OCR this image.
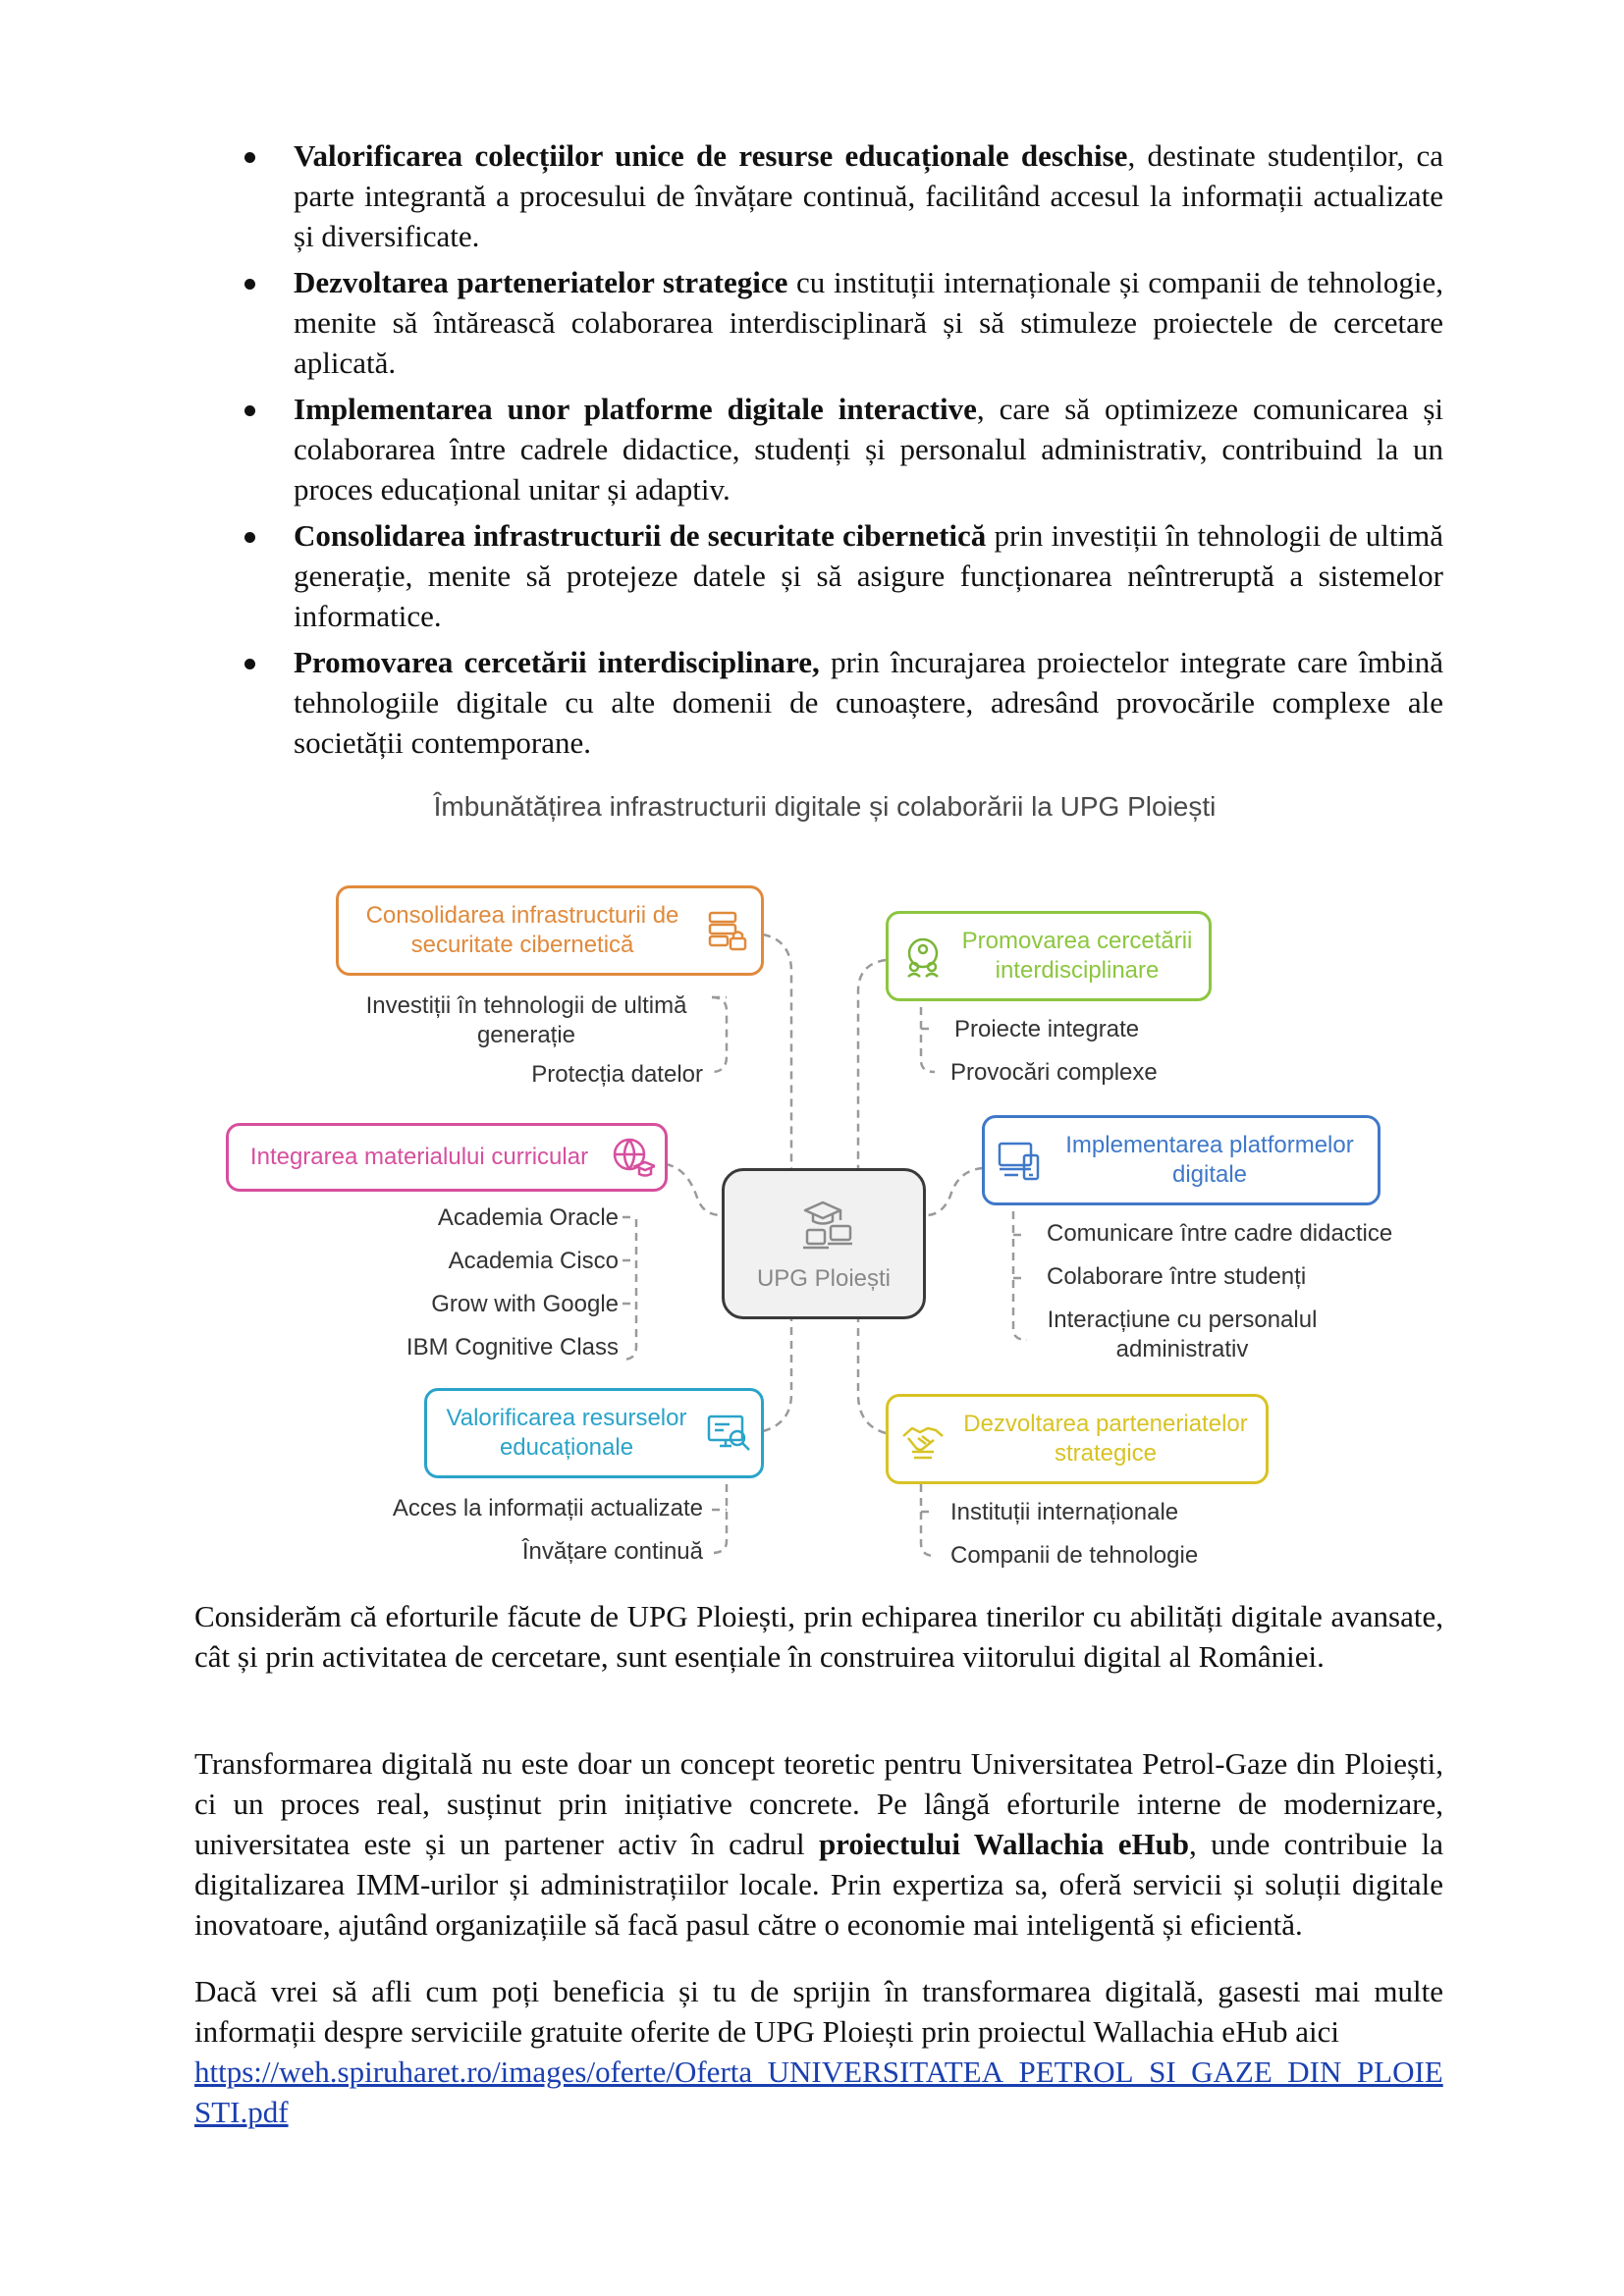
Valorificarea colecțiilor unice de resurse educaționale deschise, destinate studenților, ca parte integrantă a procesului de învățare continuă, facilitând accesul la informații actualizate și diversificate.
Dezvoltarea parteneriatelor strategice cu instituții internaționale și companii de tehnologie, menite să întărească colaborarea interdisciplinară și să stimuleze proiectele de cercetare aplicată.
Implementarea unor platforme digitale interactive, care să optimizeze comunicarea și colaborarea între cadrele didactice, studenți și personalul administrativ, contribuind la un proces educațional unitar și adaptiv.
Consolidarea infrastructurii de securitate cibernetică prin investiții în tehnologii de ultimă generație, menite să protejeze datele și să asigure funcționarea neîntreruptă a sistemelor informatice.
Promovarea cercetării interdisciplinare, prin încurajarea proiectelor integrate care îmbină tehnologiile digitale cu alte domenii de cunoaștere, adresând provocările complexe ale societății contemporane.
Îmbunătățirea infrastructurii digitale și colaborării la UPG Ploiești
UPG Ploiești
Consolidarea infrastructurii de securitate cibernetică
Investiții în tehnologii de ultimă generație
Protecția datelor
Promovarea cercetării interdisciplinare
Proiecte integrate
Provocări complexe
Integrarea materialului curricular
Academia Oracle
Academia Cisco
Grow with Google
IBM Cognitive Class
Implementarea platformelor digitale
Comunicare între cadre didactice
Colaborare între studenți
Interacțiune cu personalul administrativ
Valorificarea resurselor educaționale
Acces la informații actualizate
Învățare continuă
Dezvoltarea parteneriatelor strategice
Instituții internaționale
Companii de tehnologie

Considerăm că eforturile făcute de UPG Ploiești, prin echiparea tinerilor cu abilități digitale avansate, cât și prin activitatea de cercetare, sunt esențiale în construirea viitorului digital al României.

Transformarea digitală nu este doar un concept teoretic pentru Universitatea Petrol-Gaze din Ploiești, ci un proces real, susținut prin inițiative concrete. Pe lângă eforturile interne de modernizare, universitatea este și un partener activ în cadrul proiectului Wallachia eHub, unde contribuie la digitalizarea IMM-urilor și administrațiilor locale. Prin expertiza sa, oferă servicii și soluții digitale inovatoare, ajutând organizațiile să facă pasul către o economie mai inteligentă și eficientă.

Dacă vrei să afli cum poți beneficia și tu de sprijin în transformarea digitală, gasesti mai multe informații despre serviciile gratuite oferite de UPG Ploiești prin proiectul Wallachia eHub aici
https://weh.spiruharet.ro/images/oferte/Oferta_UNIVERSITATEA_PETROL_SI_GAZE_DIN_PLOIESTI.pdf
